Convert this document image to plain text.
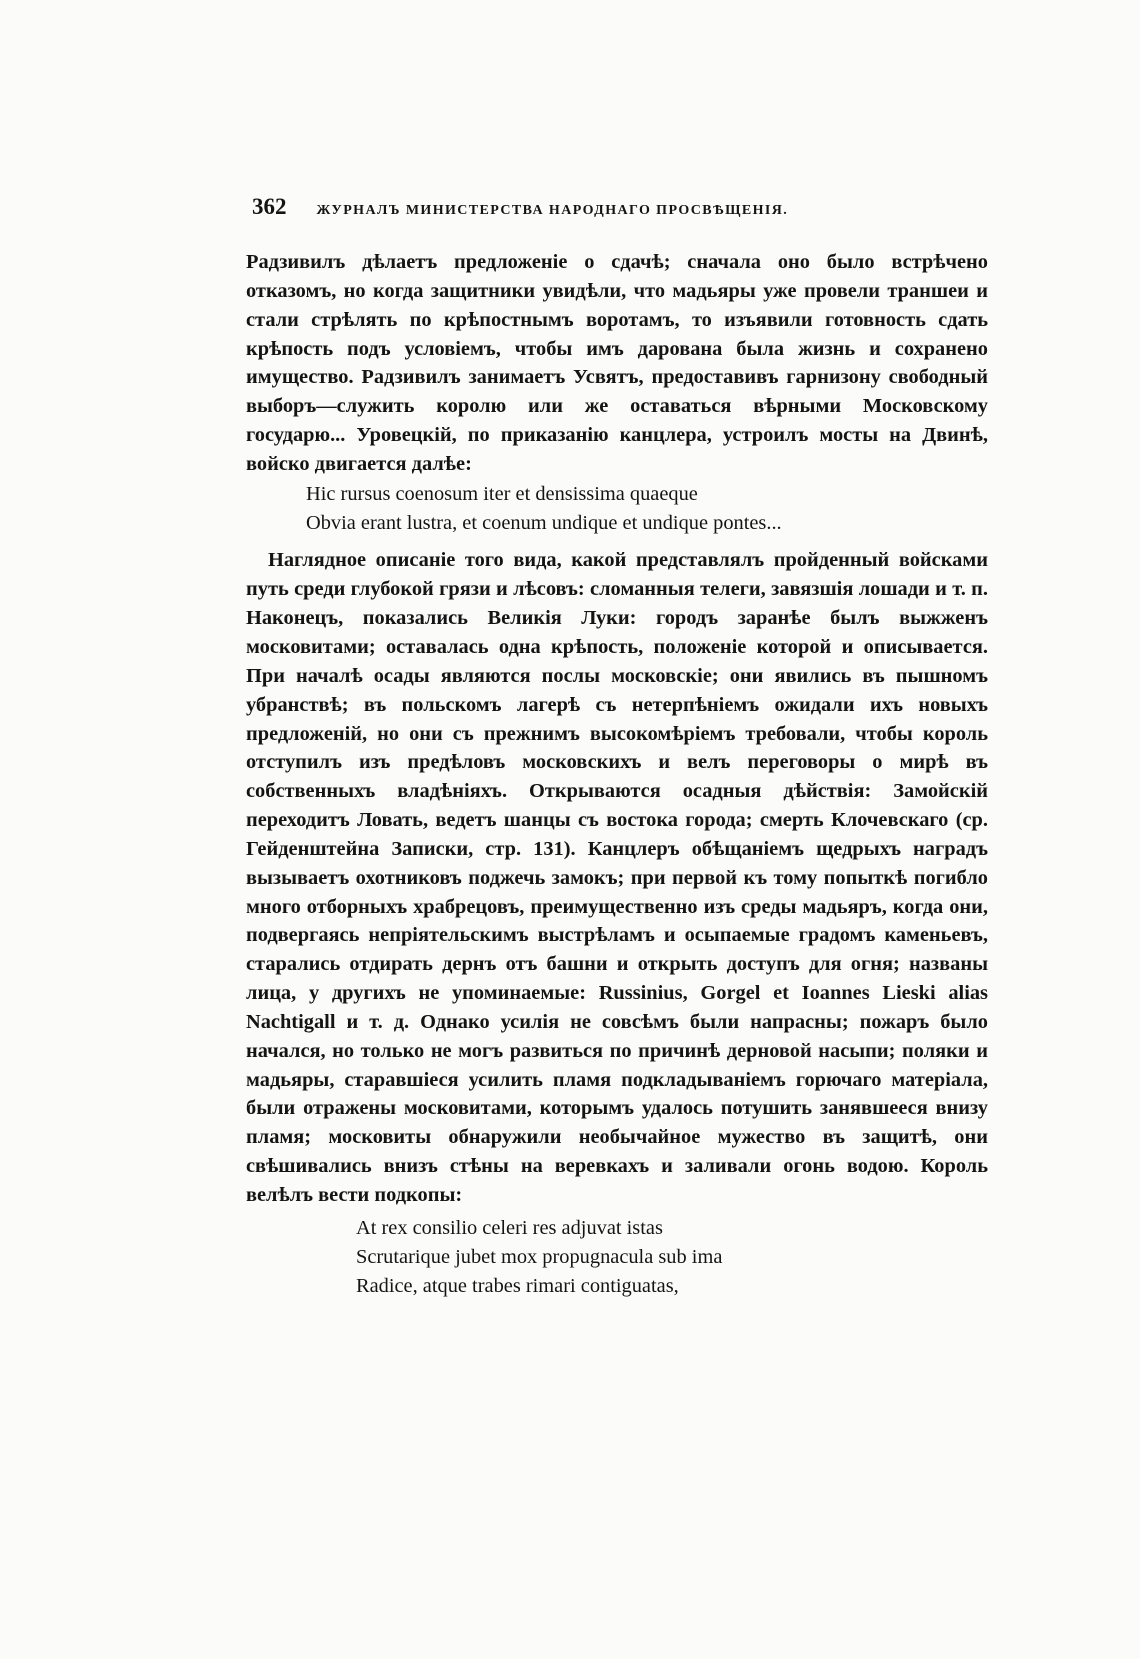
362 ЖУРНАЛЪ МИНИСТЕРСТВА НАРОДНАГО ПРОСВѢЩЕНІЯ.

Радзивилъ дѣлаетъ предложеніе о сдачѣ; сначала оно было встрѣчено отказомъ, но когда защитники увидѣли, что мадьяры уже провели траншеи и стали стрѣлять по крѣпостнымъ воротамъ, то изъявили готовность сдать крѣпость подъ условіемъ, чтобы имъ дарована была жизнь и сохранено имущество. Радзивилъ занимаетъ Усвятъ, предоставивъ гарнизону свободный выборъ—служить королю или же оставаться вѣрными Московскому государю... Уровецкій, по приказанію канцлера, устроилъ мосты на Двинѣ, войско двигается далѣе:

Hic rursus coenosum iter et densissima quaeque
Obvia erant lustra, et coenum undique et undique pontes...

Наглядное описаніе того вида, какой представлялъ пройденный войсками путь среди глубокой грязи и лѣсовъ: сломанныя телеги, завязшія лошади и т. п. Наконецъ, показались Великія Луки: городъ заранѣе былъ выжженъ московитами; оставалась одна крѣпость, положеніе которой и описывается. При началѣ осады являются послы московскіе; они явились въ пышномъ убранствѣ; въ польскомъ лагерѣ съ нетерпѣніемъ ожидали ихъ новыхъ предложеній, но они съ прежнимъ высокомѣріемъ требовали, чтобы король отступилъ изъ предѣловъ московскихъ и велъ переговоры о мирѣ въ собственныхъ владѣніяхъ. Открываются осадныя дѣйствія: Замойскій переходитъ Ловать, ведетъ шанцы съ востока города; смерть Клочевскаго (ср. Гейденштейна Записки, стр. 131). Канцлеръ обѣщаніемъ щедрыхъ наградъ вызываетъ охотниковъ поджечь замокъ; при первой къ тому попыткѣ погибло много отборныхъ храбрецовъ, преимущественно изъ среды мадьяръ, когда они, подвергаясь непріятельскимъ выстрѣламъ и осыпаемые градомъ каменьевъ, старались отдирать дернъ отъ башни и открыть доступъ для огня; названы лица, у другихъ не упоминаемые: Russinius, Gorgel et Ioannes Lieski alias Nachtigall и т. д. Однако усилія не совсѣмъ были напрасны; пожаръ было начался, но только не могъ развиться по причинѣ дерновой насыпи; поляки и мадьяры, старавшіеся усилить пламя подкладываніемъ горючаго матеріала, были отражены московитами, которымъ удалось потушить занявшееся внизу пламя; московиты обнаружили необычайное мужество въ защитѣ, они свѣшивались внизъ стѣны на веревкахъ и заливали огонь водою. Король велѣлъ вести подкопы:

At rex consilio celeri res adjuvat istas
Scrutarique jubet mox propugnacula sub ima
Radice, atque trabes rimari contiguatas,
